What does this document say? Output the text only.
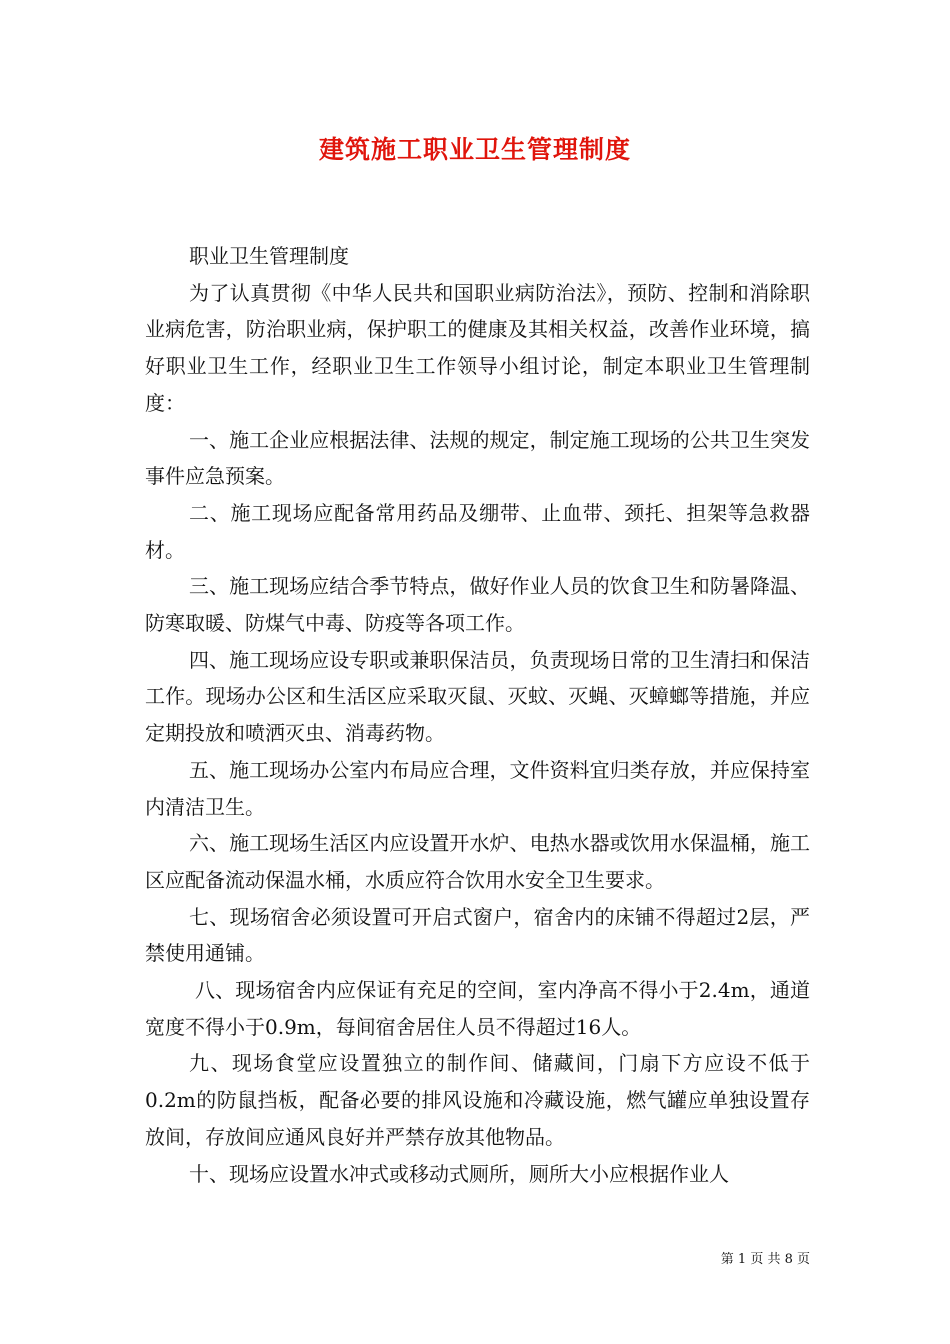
建筑施工职业卫生管理制度

职业卫生管理制度

为了认真贯彻《中华人民共和国职业病防治法》，预防、控制和消除职业病危害，防治职业病，保护职工的健康及其相关权益，改善作业环境，搞好职业卫生工作，经职业卫生工作领导小组讨论，制定本职业卫生管理制度：

一、施工企业应根据法律、法规的规定，制定施工现场的公共卫生突发事件应急预案。

二、施工现场应配备常用药品及绷带、止血带、颈托、担架等急救器材。

三、施工现场应结合季节特点，做好作业人员的饮食卫生和防暑降温、防寒取暖、防煤气中毒、防疫等各项工作。

四、施工现场应设专职或兼职保洁员，负责现场日常的卫生清扫和保洁工作。现场办公区和生活区应采取灭鼠、灭蚊、灭蝇、灭蟑螂等措施，并应定期投放和喷洒灭虫、消毒药物。

五、施工现场办公室内布局应合理，文件资料宜归类存放，并应保持室内清洁卫生。

六、施工现场生活区内应设置开水炉、电热水器或饮用水保温桶，施工区应配备流动保温水桶，水质应符合饮用水安全卫生要求。

七、现场宿舍必须设置可开启式窗户，宿舍内的床铺不得超过2层，严禁使用通铺。

八、现场宿舍内应保证有充足的空间，室内净高不得小于2.4m，通道宽度不得小于0.9m，每间宿舍居住人员不得超过16人。

九、现场食堂应设置独立的制作间、储藏间，门扇下方应设不低于0.2m的防鼠挡板，配备必要的排风设施和冷藏设施，燃气罐应单独设置存放间，存放间应通风良好并严禁存放其他物品。

十、现场应设置水冲式或移动式厕所，厕所大小应根据作业人

第 1 页 共 8 页
